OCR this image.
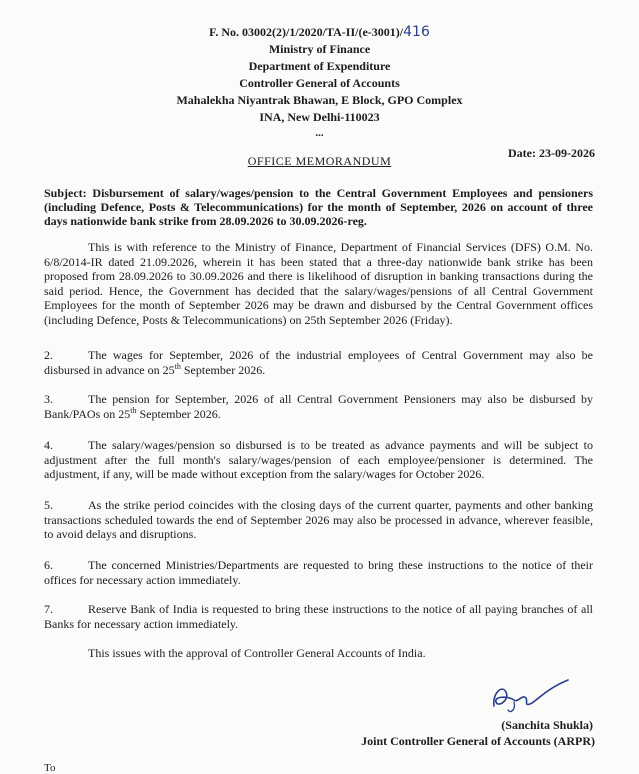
F. No. 03002(2)/1/2020/TA-II/(e-3001)/416
Ministry of Finance
Department of Expenditure
Controller General of Accounts
Mahalekha Niyantrak Bhawan, E Block, GPO Complex
INA, New Delhi-110023
...
Date: 23-09-2026
OFFICE MEMORANDUM
Subject: Disbursement of salary/wages/pension to the Central Government Employees and pensioners (including Defence, Posts & Telecommunications) for the month of September, 2026 on account of three days nationwide bank strike from 28.09.2026 to 30.09.2026-reg.
This is with reference to the Ministry of Finance, Department of Financial Services (DFS) O.M. No. 6/8/2014-IR dated 21.09.2026, wherein it has been stated that a three-day nationwide bank strike has been proposed from 28.09.2026 to 30.09.2026 and there is likelihood of disruption in banking transactions during the said period. Hence, the Government has decided that the salary/wages/pensions of all Central Government Employees for the month of September 2026 may be drawn and disbursed by the Central Government offices (including Defence, Posts & Telecommunications) on 25th September 2026 (Friday).
2.	The wages for September, 2026 of the industrial employees of Central Government may also be disbursed in advance on 25th September 2026.
3.	The pension for September, 2026 of all Central Government Pensioners may also be disbursed by Bank/PAOs on 25th September 2026.
4.	The salary/wages/pension so disbursed is to be treated as advance payments and will be subject to adjustment after the full month's salary/wages/pension of each employee/pensioner is determined. The adjustment, if any, will be made without exception from the salary/wages for October 2026.
5.	As the strike period coincides with the closing days of the current quarter, payments and other banking transactions scheduled towards the end of September 2026 may also be processed in advance, wherever feasible, to avoid delays and disruptions.
6.	The concerned Ministries/Departments are requested to bring these instructions to the notice of their offices for necessary action immediately.
7.	Reserve Bank of India is requested to bring these instructions to the notice of all paying branches of all Banks for necessary action immediately.
This issues with the approval of Controller General Accounts of India.
(Sanchita Shukla)
Joint Controller General of Accounts (ARPR)
To
